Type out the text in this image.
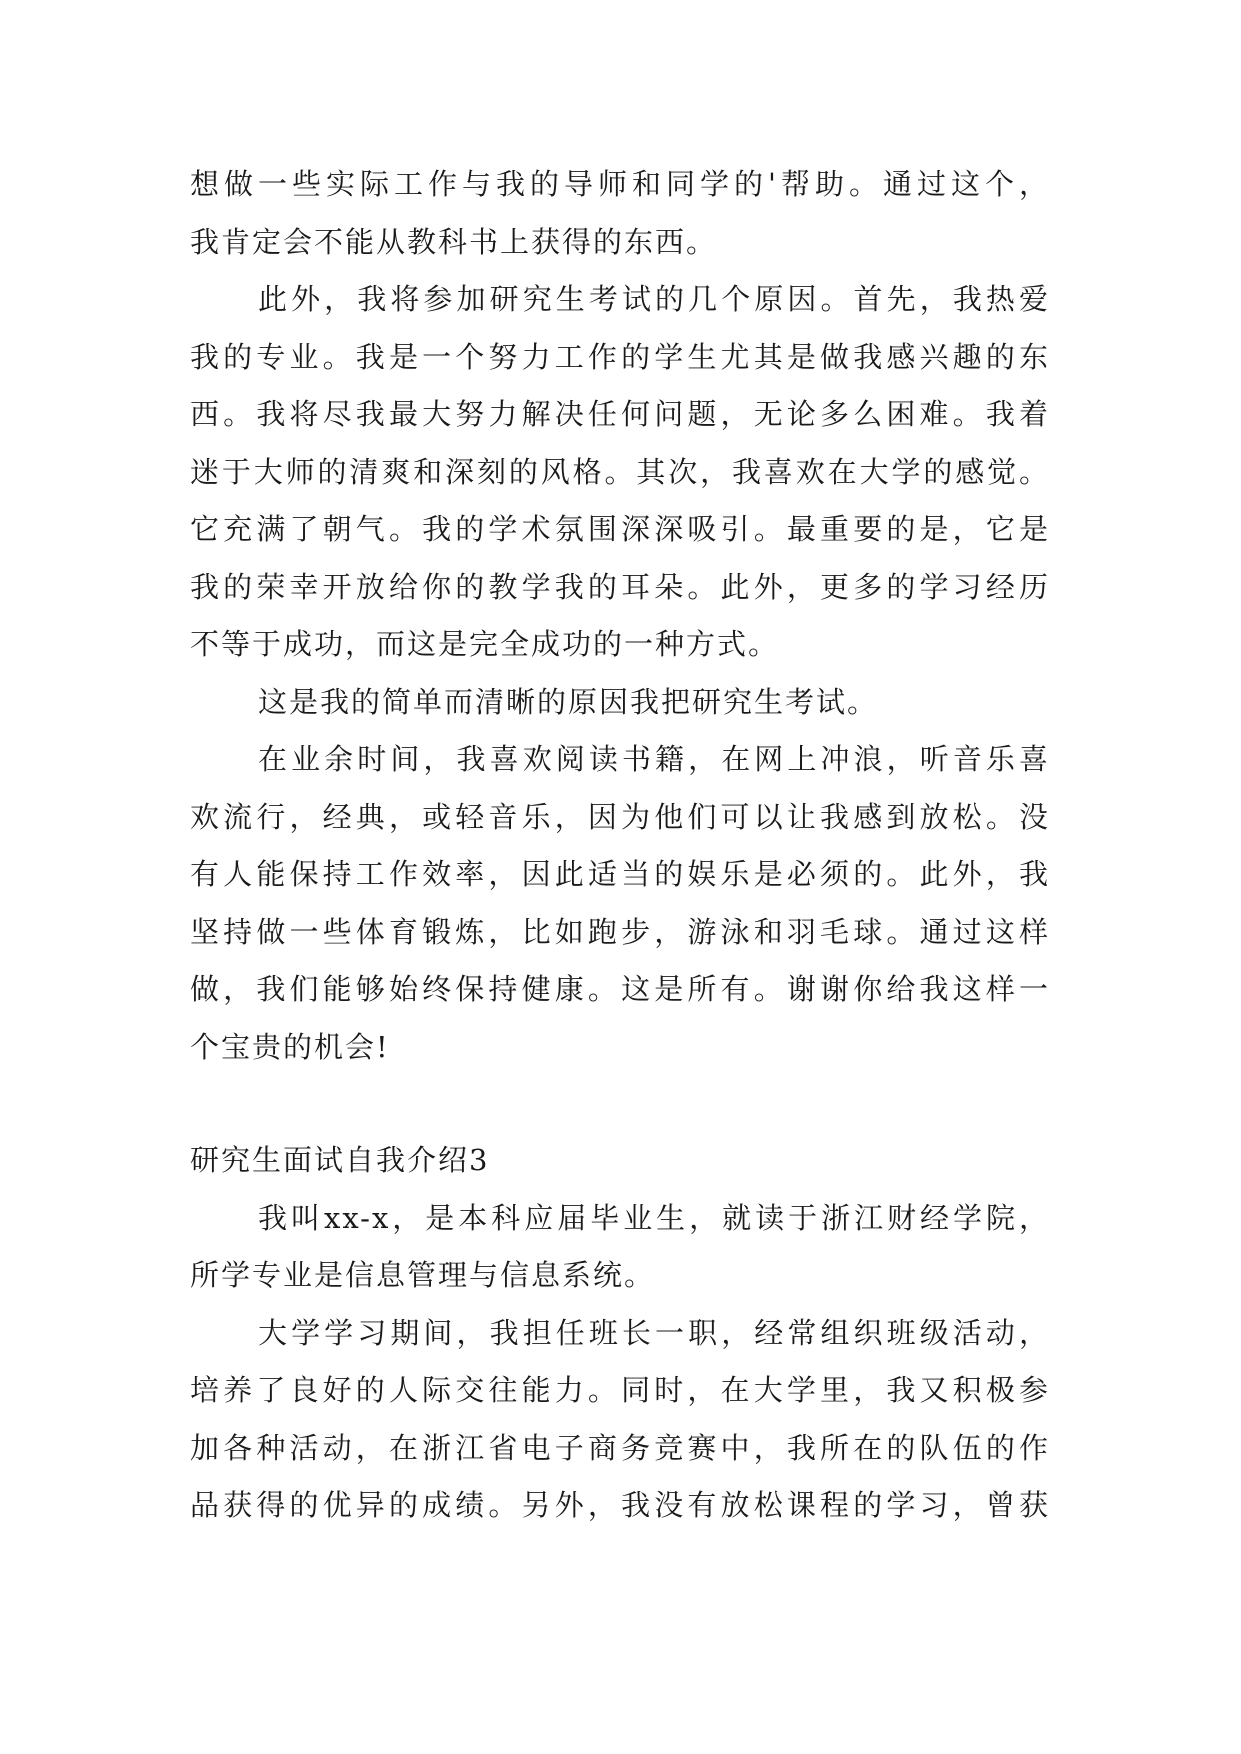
想做一些实际工作与我的导师和同学的'帮助。通过这个，
我肯定会不能从教科书上获得的东西。
此外，我将参加研究生考试的几个原因。首先，我热爱
我的专业。我是一个努力工作的学生尤其是做我感兴趣的东
西。我将尽我最大努力解决任何问题，无论多么困难。我着
迷于大师的清爽和深刻的风格。其次，我喜欢在大学的感觉。
它充满了朝气。我的学术氛围深深吸引。最重要的是，它是
我的荣幸开放给你的教学我的耳朵。此外，更多的学习经历
不等于成功，而这是完全成功的一种方式。
这是我的简单而清晰的原因我把研究生考试。
在业余时间，我喜欢阅读书籍，在网上冲浪，听音乐喜
欢流行，经典，或轻音乐，因为他们可以让我感到放松。没
有人能保持工作效率，因此适当的娱乐是必须的。此外，我
坚持做一些体育锻炼，比如跑步，游泳和羽毛球。通过这样
做，我们能够始终保持健康。这是所有。谢谢你给我这样一
个宝贵的机会!
研究生面试自我介绍3
我叫xx-x，是本科应届毕业生，就读于浙江财经学院，
所学专业是信息管理与信息系统。
大学学习期间，我担任班长一职，经常组织班级活动，
培养了良好的人际交往能力。同时，在大学里，我又积极参
加各种活动，在浙江省电子商务竞赛中，我所在的队伍的作
品获得的优异的成绩。另外，我没有放松课程的学习，曾获
